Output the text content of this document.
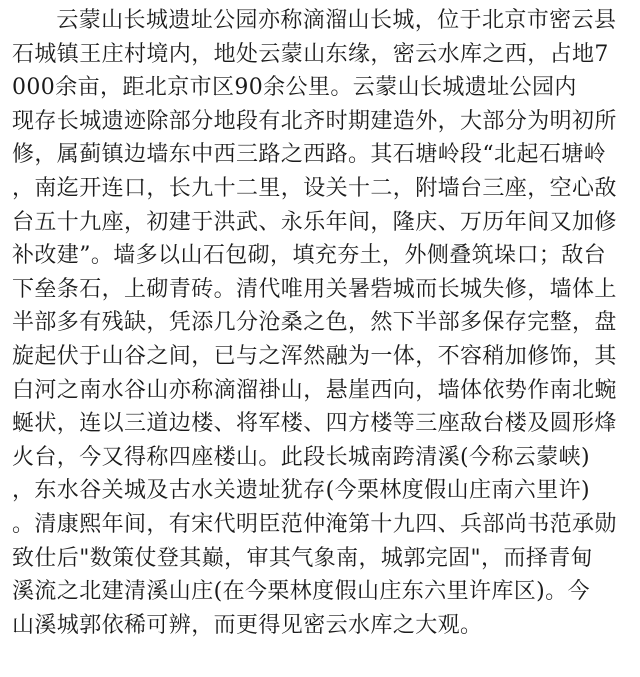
云蒙山长城遗址公园亦称滴溜山长城，位于北京市密云县
石城镇王庄村境内，地处云蒙山东缘，密云水库之西，占地7
000余亩，距北京市区90余公里。云蒙山长城遗址公园内
现存长城遗迹除部分地段有北齐时期建造外，大部分为明初所
修，属蓟镇边墙东中西三路之西路。其石塘岭段“北起石塘岭
，南迄开连口，长九十二里，设关十二，附墙台三座，空心敌
台五十九座，初建于洪武、永乐年间，隆庆、万历年间又加修
补改建”。墙多以山石包砌，填充夯土，外侧叠筑垛口；敌台
下垒条石，上砌青砖。清代唯用关暑砦城而长城失修，墙体上
半部多有残缺，凭添几分沧桑之色，然下半部多保存完整，盘
旋起伏于山谷之间，已与之浑然融为一体，不容稍加修饰，其
白河之南水谷山亦称滴溜褂山，悬崖西向，墙体依势作南北蜿
蜒状，连以三道边楼、将军楼、四方楼等三座敌台楼及圆形烽
火台，今又得称四座楼山。此段长城南跨清溪(今称云蒙峡)
，东水谷关城及古水关遗址犹存(今栗林度假山庄南六里许)
。清康熙年间，有宋代明臣范仲淹第十九四、兵部尚书范承勋
致仕后"数策仗登其巅，审其气象南，城郭完固"，而择青甸
溪流之北建清溪山庄(在今栗林度假山庄东六里许库区)。今
山溪城郭依稀可辨，而更得见密云水库之大观。
